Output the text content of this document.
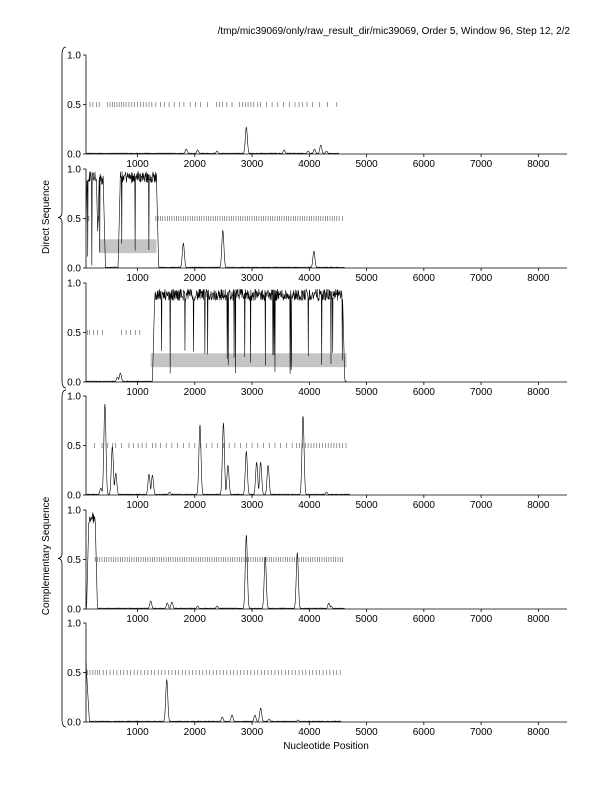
/tmp/mic39069/only/raw_result_dir/mic39069, Order 5, Window 96, Step 12, 2/2
Nucleotide Position
Direct Sequence
Complementary Sequence
0.0
0.5
1.0
1000	2000	3000	4000	5000	6000	7000	8000
0.0
0.5
1.0
1000	2000	3000	4000	5000	6000	7000	8000
0.0
0.5
1.0
1000	2000	3000	4000	5000	6000	7000	8000
0.0
0.5
1.0
1000	2000	3000	4000	5000	6000	7000	8000
0.0
0.5
1.0
1000	2000	3000	4000	5000	6000	7000	8000
0.0
0.5
1.0
1000	2000	3000	4000	5000	6000	7000	8000
